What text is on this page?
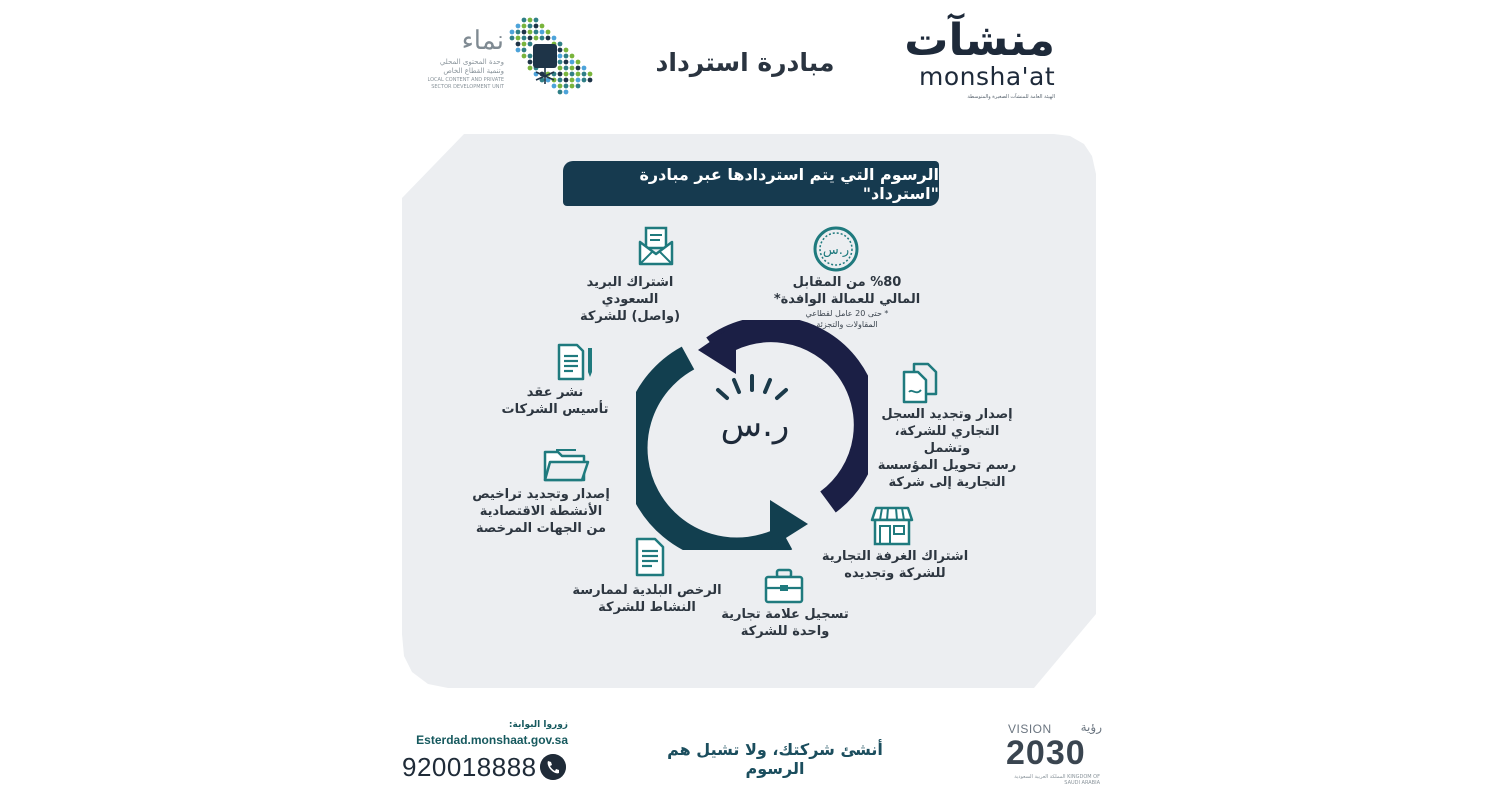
نماء
وحدة المحتوى المحلي
وتنمية القطاع الخاص
LOCAL CONTENT AND PRIVATE
SECTOR DEVELOPMENT UNIT
مبادرة استرداد	منشآت
monsha'at
الهيئة العامة للمنشآت الصغيرة والمتوسطة
الرسوم التي يتم استردادها عبر مبادرة "استرداد"
ر.س
ر.س
%80 من المقابل
المالي للعمالة الوافدة*
* حتى 20 عامل لقطاعي
المقاولات والتجزئة
اشتراك البريد السعودي
(واصل) للشركة
نشر عقد
تأسيس الشركات	إصدار وتجديد السجل
التجاري للشركة، وتشمل
رسم تحويل المؤسسة
التجارية إلى شركة
إصدار وتجديد تراخيص
الأنشطة الاقتصادية
من الجهات المرخصة
اشتراك الغرفة التجارية
للشركة وتجديده
الرخص البلدية لممارسة
النشاط للشركة	تسجيل علامة تجارية
واحدة للشركة
زوروا البوابة:
Esterdad.monshaat.gov.sa
920018888
أنشئ شركتك، ولا تشيل هم الرسوم
VISION رؤية
2030
المملكة العربية السعودية KINGDOM OF SAUDI ARABIA
